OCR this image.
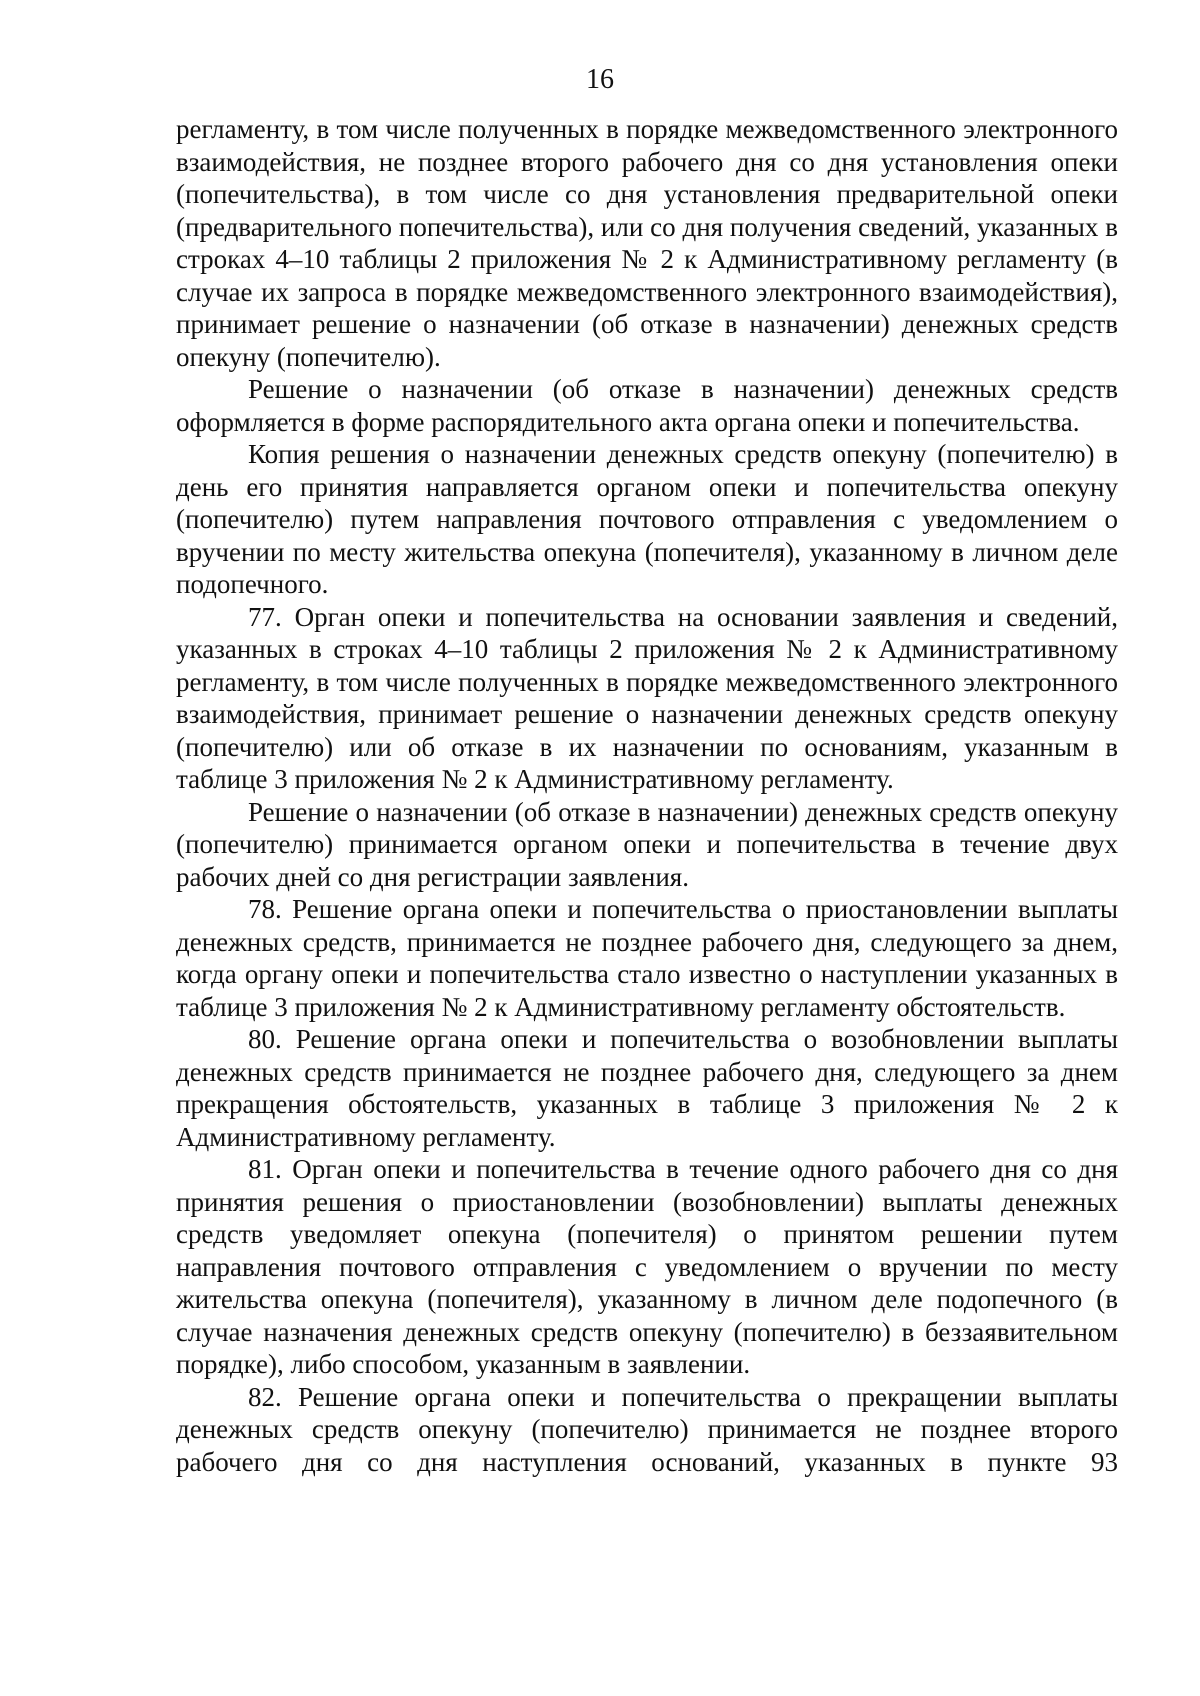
16

регламенту, в том числе полученных в порядке межведомственного электронного взаимодействия, не позднее второго рабочего дня со дня установления опеки (попечительства), в том числе со дня установления предварительной опеки (предварительного попечительства), или со дня получения сведений, указанных в строках 4–10 таблицы 2 приложения № 2 к Административному регламенту (в случае их запроса в порядке межведомственного электронного взаимодействия), принимает решение о назначении (об отказе в назначении) денежных средств опекуну (попечителю).

Решение о назначении (об отказе в назначении) денежных средств оформляется в форме распорядительного акта органа опеки и попечительства.

Копия решения о назначении денежных средств опекуну (попечителю) в день его принятия направляется органом опеки и попечительства опекуну (попечителю) путем направления почтового отправления с уведомлением о вручении по месту жительства опекуна (попечителя), указанному в личном деле подопечного.

77. Орган опеки и попечительства на основании заявления и сведений, указанных в строках 4–10 таблицы 2 приложения № 2 к Административному регламенту, в том числе полученных в порядке межведомственного электронного взаимодействия, принимает решение о назначении денежных средств опекуну (попечителю) или об отказе в их назначении по основаниям, указанным в таблице 3 приложения № 2 к Административному регламенту.

Решение о назначении (об отказе в назначении) денежных средств опекуну (попечителю) принимается органом опеки и попечительства в течение двух рабочих дней со дня регистрации заявления.

78. Решение органа опеки и попечительства о приостановлении выплаты денежных средств, принимается не позднее рабочего дня, следующего за днем, когда органу опеки и попечительства стало известно о наступлении указанных в таблице 3 приложения № 2 к Административному регламенту обстоятельств.

80. Решение органа опеки и попечительства о возобновлении выплаты денежных средств принимается не позднее рабочего дня, следующего за днем прекращения обстоятельств, указанных в таблице 3 приложения № 2 к Административному регламенту.

81. Орган опеки и попечительства в течение одного рабочего дня со дня принятия решения о приостановлении (возобновлении) выплаты денежных средств уведомляет опекуна (попечителя) о принятом решении путем направления почтового отправления с уведомлением о вручении по месту жительства опекуна (попечителя), указанному в личном деле подопечного (в случае назначения денежных средств опекуну (попечителю) в беззаявительном порядке), либо способом, указанным в заявлении.

82. Решение органа опеки и попечительства о прекращении выплаты денежных средств опекуну (попечителю) принимается не позднее второго рабочего дня со дня наступления оснований, указанных в пункте 93
